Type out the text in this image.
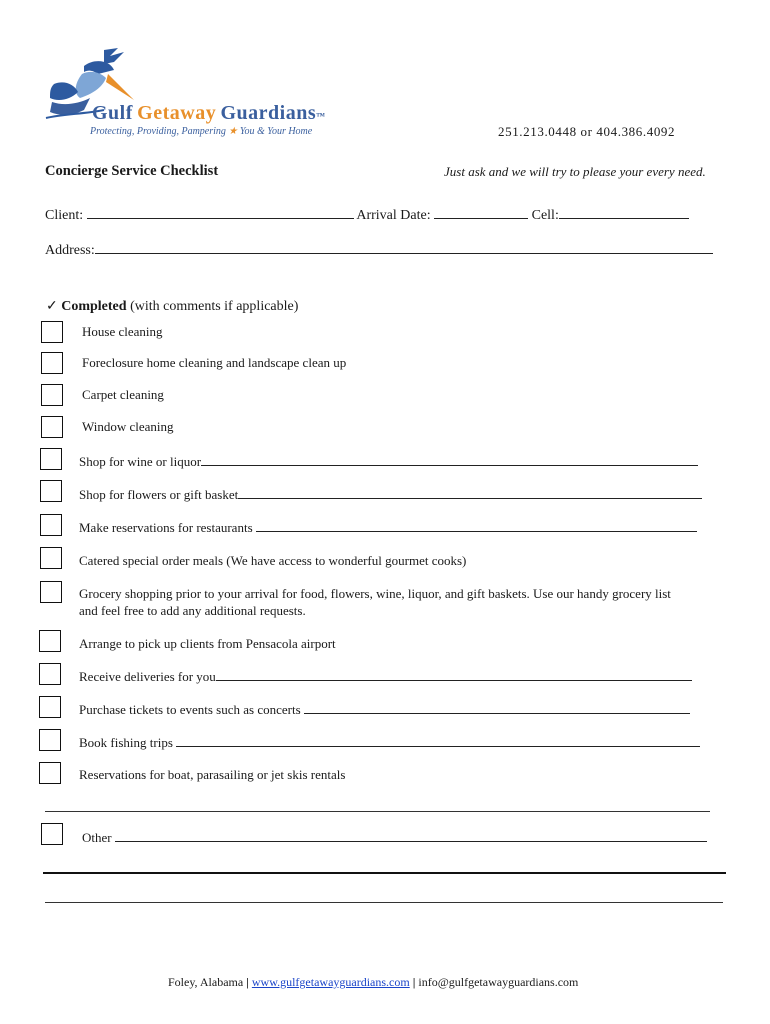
Gulf Getaway Guardians™
Protecting, Providing, Pampering ★ You & Your Home	251.213.0448 or 404.386.4092
Concierge Service Checklist	Just ask and we will try to please your every need.
Client:	Arrival Date:	Cell:
Address:
✓ Completed (with comments if applicable)
House cleaning
Foreclosure home cleaning and landscape clean up
Carpet cleaning
Window cleaning
Shop for wine or liquor
Shop for flowers or gift basket
Make reservations for restaurants
Catered special order meals (We have access to wonderful gourmet cooks)
Grocery shopping prior to your arrival for food, flowers, wine, liquor, and gift baskets. Use our handy grocery list
and feel free to add any additional requests.
Arrange to pick up clients from Pensacola airport
Receive deliveries for you
Purchase tickets to events such as concerts
Book fishing trips
Reservations for boat, parasailing or jet skis rentals
Other
Foley, Alabama | www.gulfgetawayguardians.com | info@gulfgetawayguardians.com
